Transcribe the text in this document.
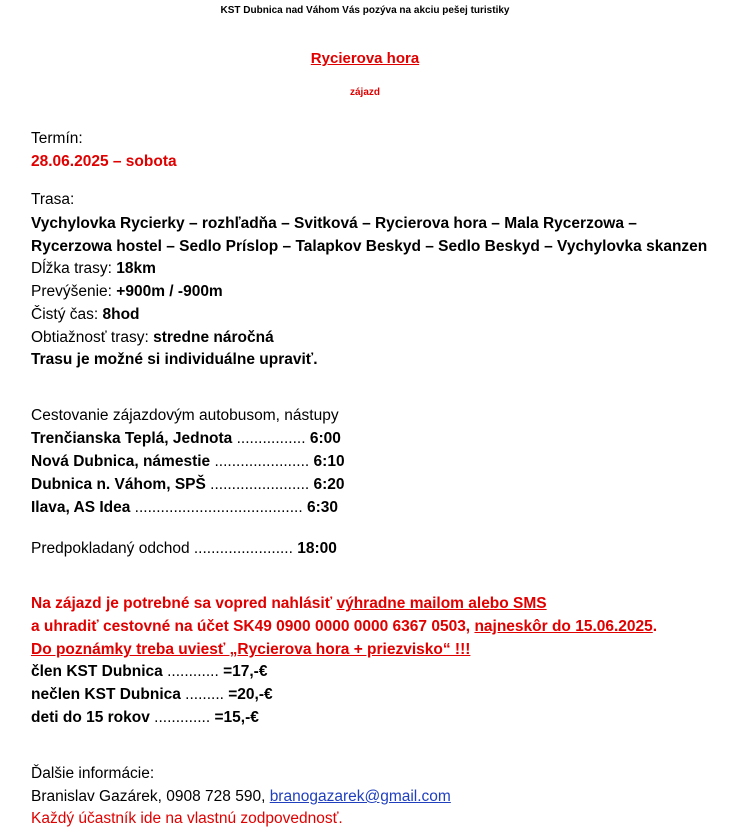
KST Dubnica nad Váhom Vás pozýva na akciu pešej turistiky
Rycierova hora
zájazd
Termín:
28.06.2025 – sobota
Trasa:
Vychylovka Rycierky – rozhľadňa – Svitková – Rycierova hora – Mala Rycerzowa –
Rycerzowa hostel – Sedlo Príslop – Talapkov Beskyd – Sedlo Beskyd – Vychylovka skanzen
Dĺžka trasy: 18km
Prevýšenie: +900m / -900m
Čistý čas: 8hod
Obtiažnosť trasy: stredne náročná
Trasu je možné si individuálne upraviť.
Cestovanie zájazdovým autobusom, nástupy
Trenčianska Teplá, Jednota ................ 6:00
Nová Dubnica, námestie ...................... 6:10
Dubnica n. Váhom, SPŠ ....................... 6:20
Ilava, AS Idea ....................................... 6:30
Predpokladaný odchod ....................... 18:00
Na zájazd je potrebné sa vopred nahlásiť výhradne mailom alebo SMS
a uhradiť cestovné na účet SK49 0900 0000 0000 6367 0503, najneskôr do 15.06.2025.
Do poznámky treba uviesť „Rycierova hora + priezvisko“ !!!
člen KST Dubnica ............ =17,-€
nečlen KST Dubnica ......... =20,-€
deti do 15 rokov ............. =15,-€
Ďalšie informácie:
Branislav Gazárek, 0908 728 590, branogazarek@gmail.com
Každý účastník ide na vlastnú zodpovednosť.
